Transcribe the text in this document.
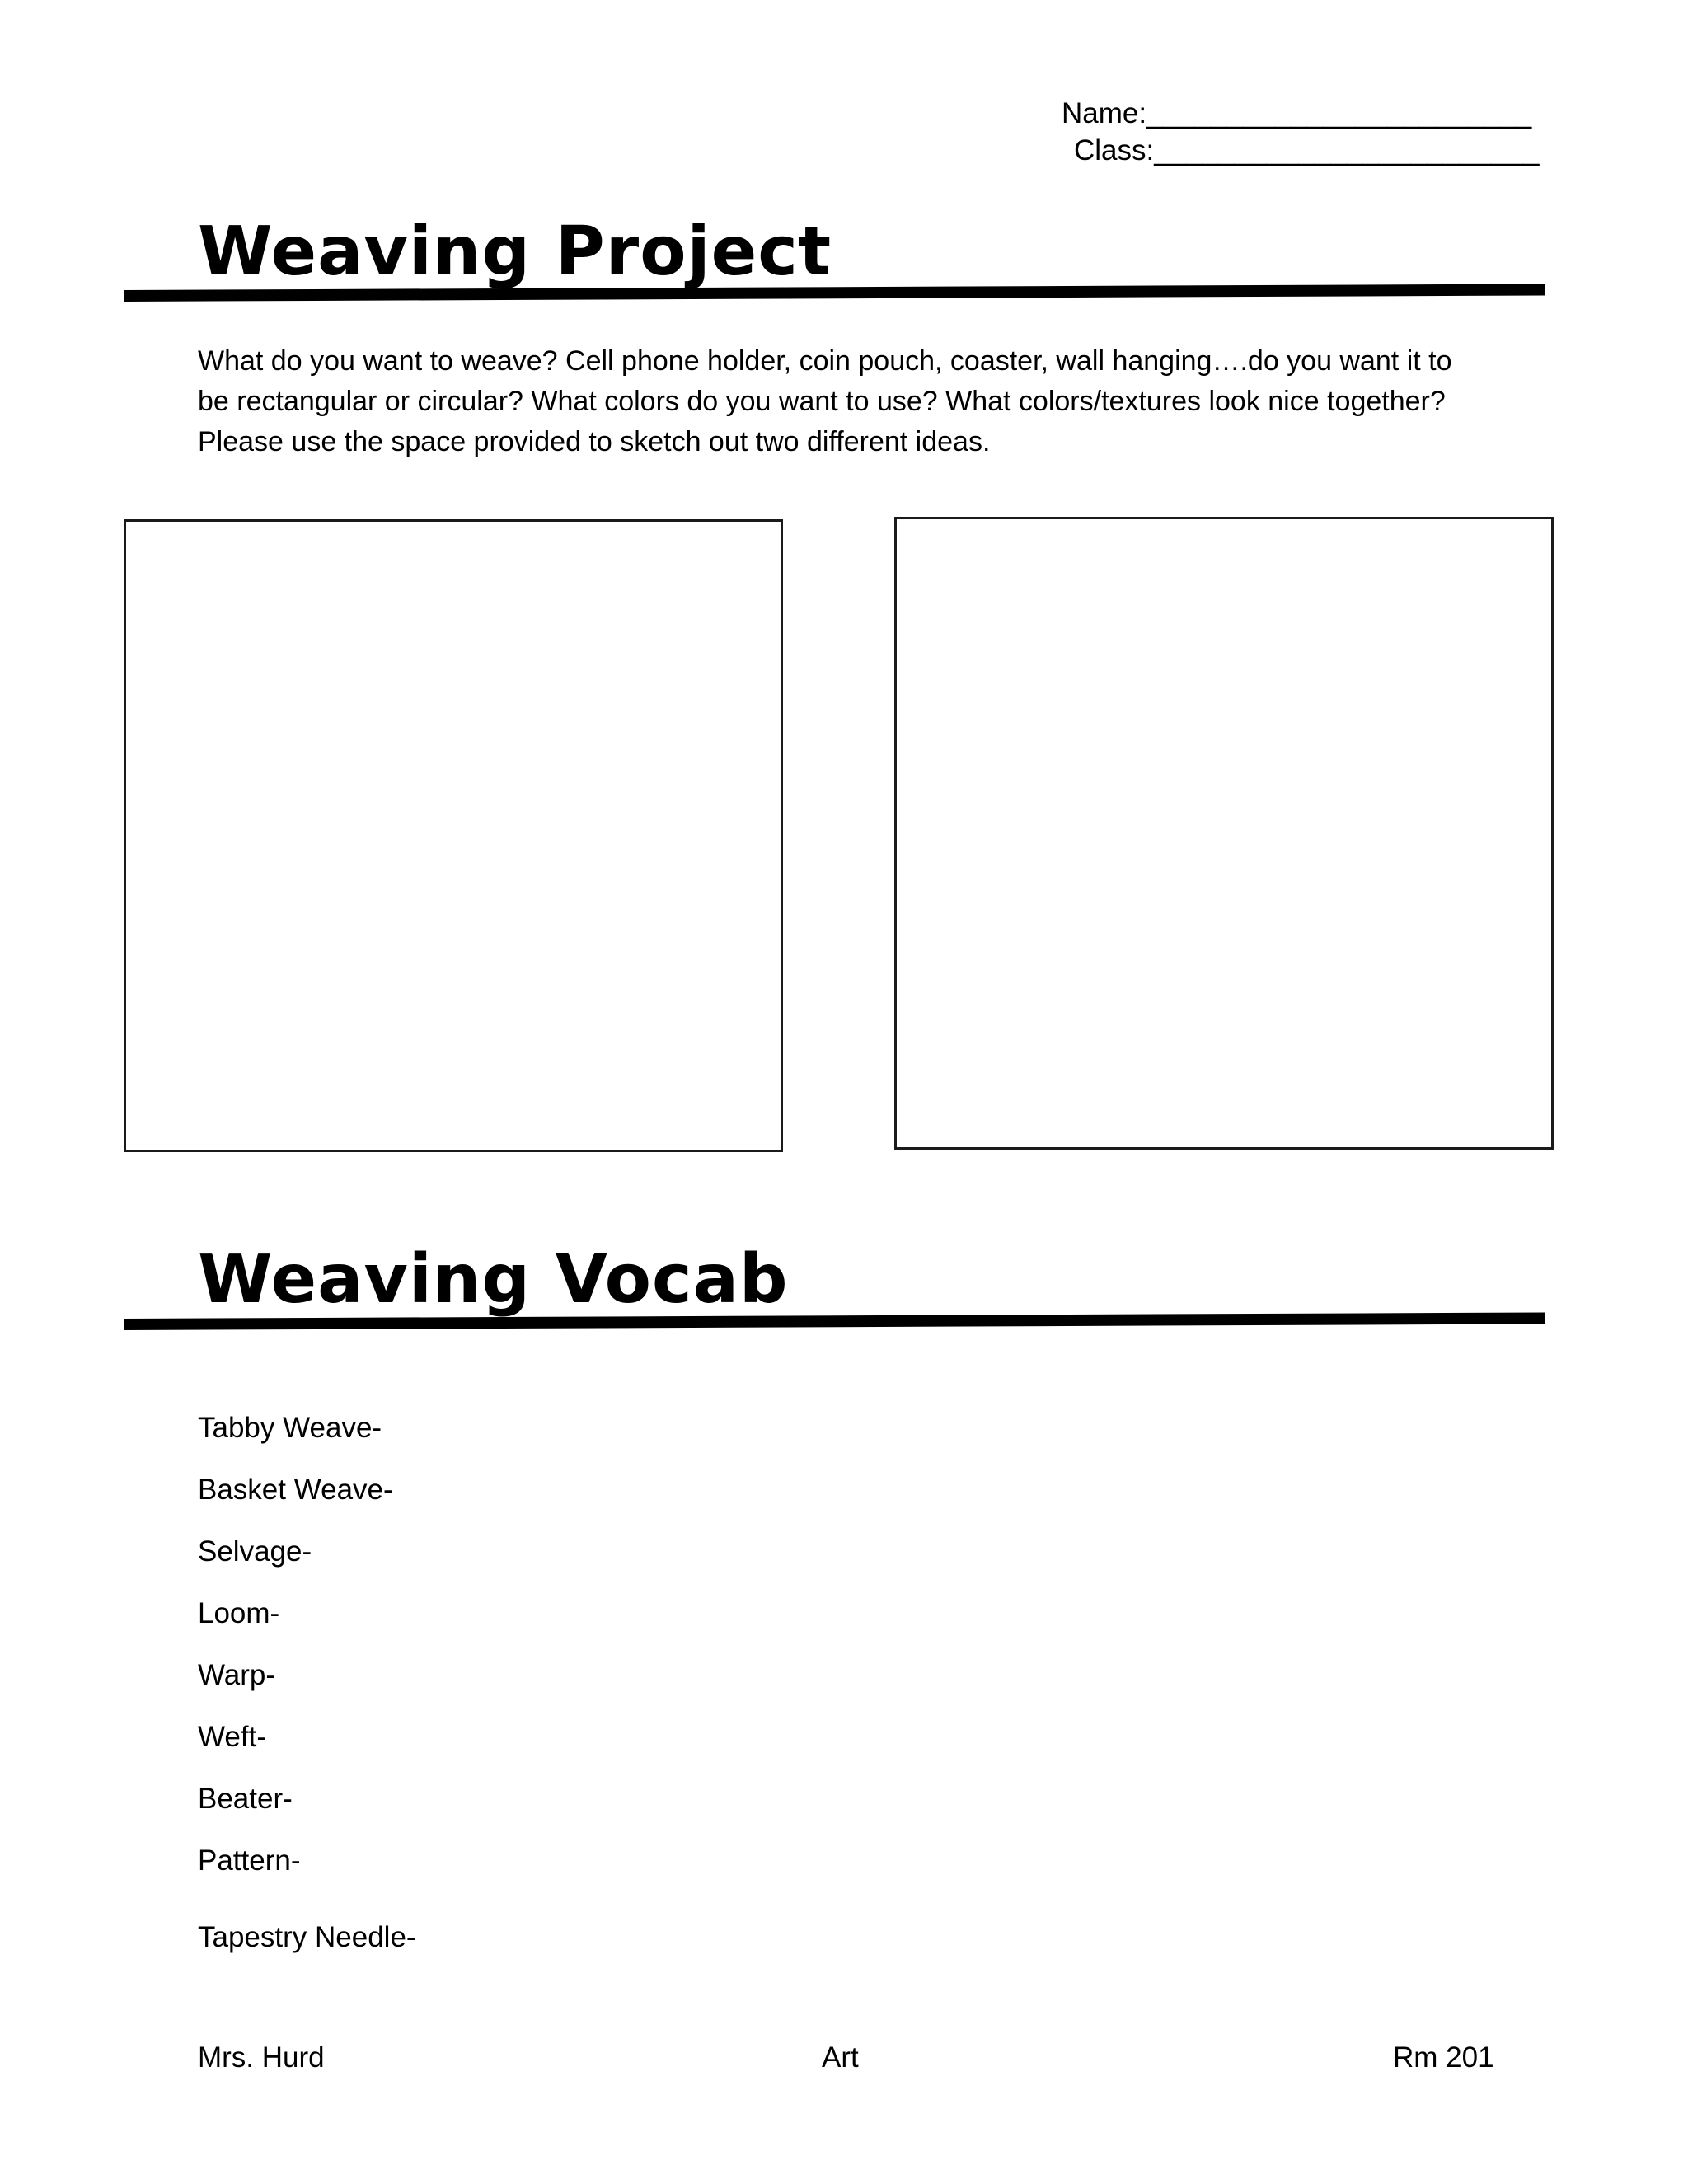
Name:________________________
Class:________________________
Weaving Project
What do you want to weave? Cell phone holder, coin pouch, coaster, wall hanging….do you want it to
be rectangular or circular? What colors do you want to use? What colors/textures look nice together?
Please use the space provided to sketch out two different ideas.
Weaving Vocab
Tabby Weave-
Basket Weave-
Selvage-
Loom-
Warp-
Weft-
Beater-
Pattern-
Tapestry Needle-
Mrs. Hurd	Art	Rm 201
